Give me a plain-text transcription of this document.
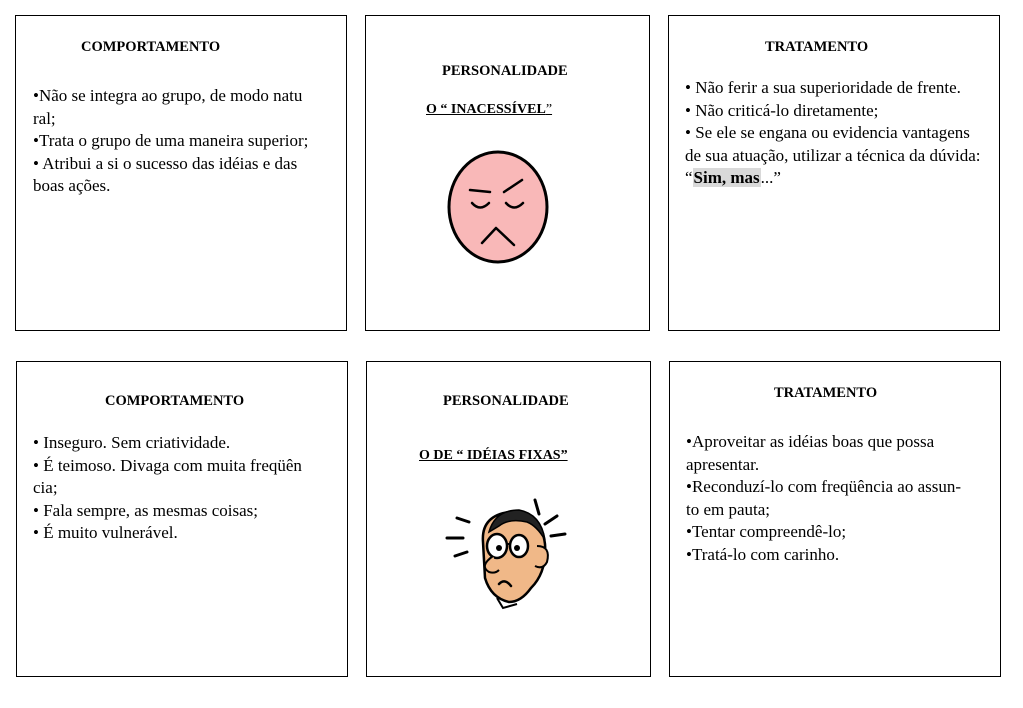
COMPORTAMENTO
•Não se integra ao grupo, de modo natu
ral;
•Trata o grupo de uma maneira superior;
• Atribui a si o sucesso das idéias e das
boas ações.
PERSONALIDADE
O “ INACESSÍVEL”
TRATAMENTO
• Não ferir a sua superioridade de frente.
• Não criticá-lo diretamente;
• Se ele se engana ou evidencia vantagens
de sua atuação, utilizar a técnica da dúvida:
“Sim, mas...”
COMPORTAMENTO
• Inseguro. Sem criatividade.
• É teimoso. Divaga com muita freqüên
cia;
• Fala sempre, as mesmas coisas;
• É muito vulnerável.
PERSONALIDADE
O DE “ IDÉIAS FIXAS”
TRATAMENTO
•Aproveitar as idéias boas que possa
apresentar.
•Reconduzí-lo com freqüência ao assun-
to em pauta;
•Tentar compreendê-lo;
•Tratá-lo com carinho.
